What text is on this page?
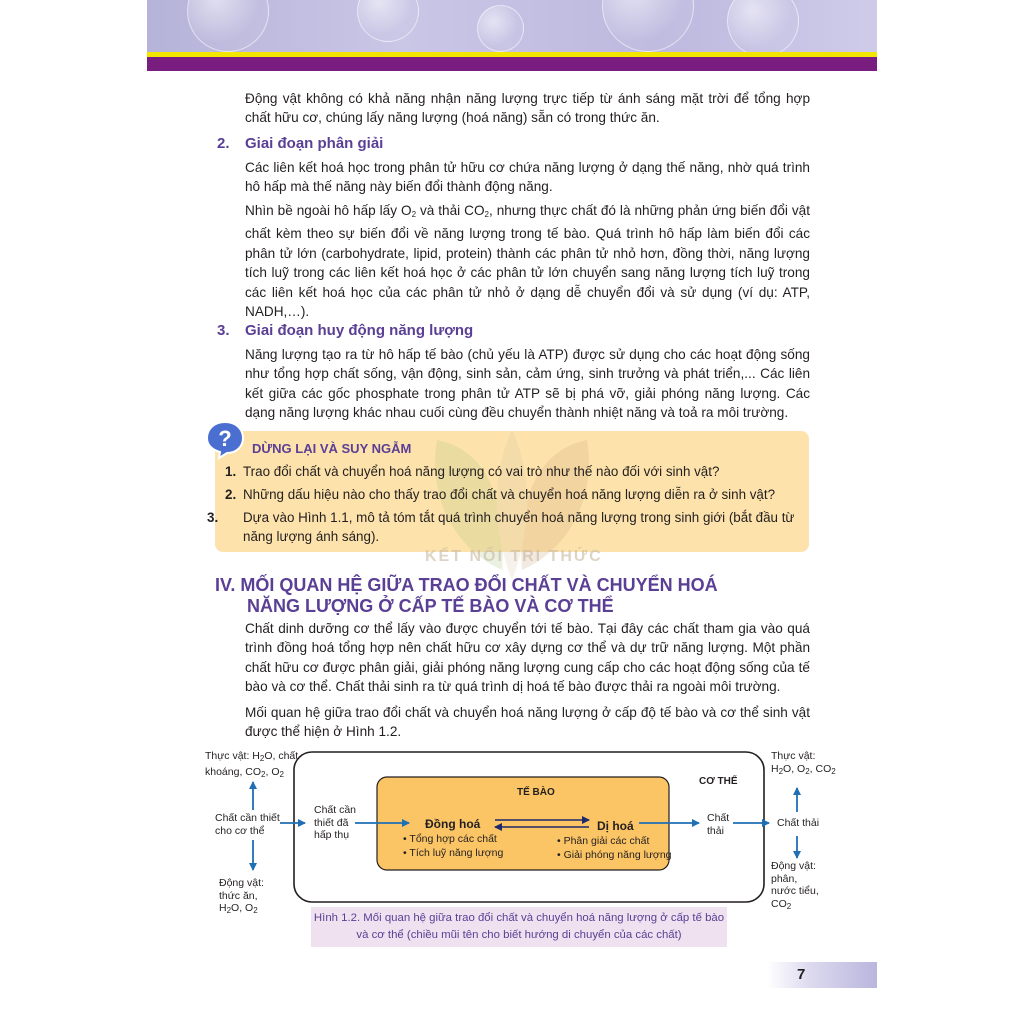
Động vật không có khả năng nhận năng lượng trực tiếp từ ánh sáng mặt trời để tổng hợp chất hữu cơ, chúng lấy năng lượng (hoá năng) sẵn có trong thức ăn.

2. Giai đoạn phân giải

Các liên kết hoá học trong phân tử hữu cơ chứa năng lượng ở dạng thế năng, nhờ quá trình hô hấp mà thế năng này biến đổi thành động năng.

Nhìn bề ngoài hô hấp lấy $O_2$ và thải $CO_2$, nhưng thực chất đó là những phản ứng biến đổi vật chất kèm theo sự biến đổi về năng lượng trong tế bào. Quá trình hô hấp làm biến đổi các phân tử lớn (carbohydrate, lipid, protein) thành các phân tử nhỏ hơn, đồng thời, năng lượng tích luỹ trong các liên kết hoá học ở các phân tử lớn chuyển sang năng lượng tích luỹ trong các liên kết hoá học của các phân tử nhỏ ở dạng dễ chuyển đổi và sử dụng (ví dụ: ATP, NADH,…).

3. Giai đoạn huy động năng lượng

Năng lượng tạo ra từ hô hấp tế bào (chủ yếu là ATP) được sử dụng cho các hoạt động sống như tổng hợp chất sống, vận động, sinh sản, cảm ứng, sinh trưởng và phát triển,... Các liên kết giữa các gốc phosphate trong phân tử ATP sẽ bị phá vỡ, giải phóng năng lượng. Các dạng năng lượng khác nhau cuối cùng đều chuyển thành nhiệt năng và toả ra môi trường.

KẾT NỐI TRI THỨC

? DỪNG LẠI VÀ SUY NGẪM

1. Trao đổi chất và chuyển hoá năng lượng có vai trò như thế nào đối với sinh vật?

2. Những dấu hiệu nào cho thấy trao đổi chất và chuyển hoá năng lượng diễn ra ở sinh vật?

3. Dựa vào Hình 1.1, mô tả tóm tắt quá trình chuyển hoá năng lượng trong sinh giới (bắt đầu từ năng lượng ánh sáng).

IV. MỐI QUAN HỆ GIỮA TRAO ĐỔI CHẤT VÀ CHUYỂN HOÁ
NĂNG LƯỢNG Ở CẤP TẾ BÀO VÀ CƠ THỂ

Chất dinh dưỡng cơ thể lấy vào được chuyển tới tế bào. Tại đây các chất tham gia vào quá trình đồng hoá tổng hợp nên chất hữu cơ xây dựng cơ thể và dự trữ năng lượng. Một phần chất hữu cơ được phân giải, giải phóng năng lượng cung cấp cho các hoạt động sống của tế bào và cơ thể. Chất thải sinh ra từ quá trình dị hoá tế bào được thải ra ngoài môi trường.

Mối quan hệ giữa trao đổi chất và chuyển hoá năng lượng ở cấp độ tế bào và cơ thể sinh vật được thể hiện ở Hình 1.2.

Thực vật: $H_2O$, chất
khoáng, $CO_2$, $O_2$

Chất cần thiết
cho cơ thể

Động vật:
thức ăn,
$H_2O$, $O_2$

Chất cần
thiết đã
hấp thụ

CƠ THỂ

TẾ BÀO

Đồng hoá

• Tổng hợp các chất

• Tích luỹ năng lượng

Dị hoá

• Phân giải các chất

• Giải phóng năng lượng

Chất
thải

Chất thải

Thực vật:
$H_2O$, $O_2$, $CO_2$

Động vật:
phân,
nước tiểu,
$CO_2$

Hình 1.2. Mối quan hệ giữa trao đổi chất và chuyển hoá năng lượng ở cấp tế bào
và cơ thể (chiều mũi tên cho biết hướng di chuyển của các chất)

7
